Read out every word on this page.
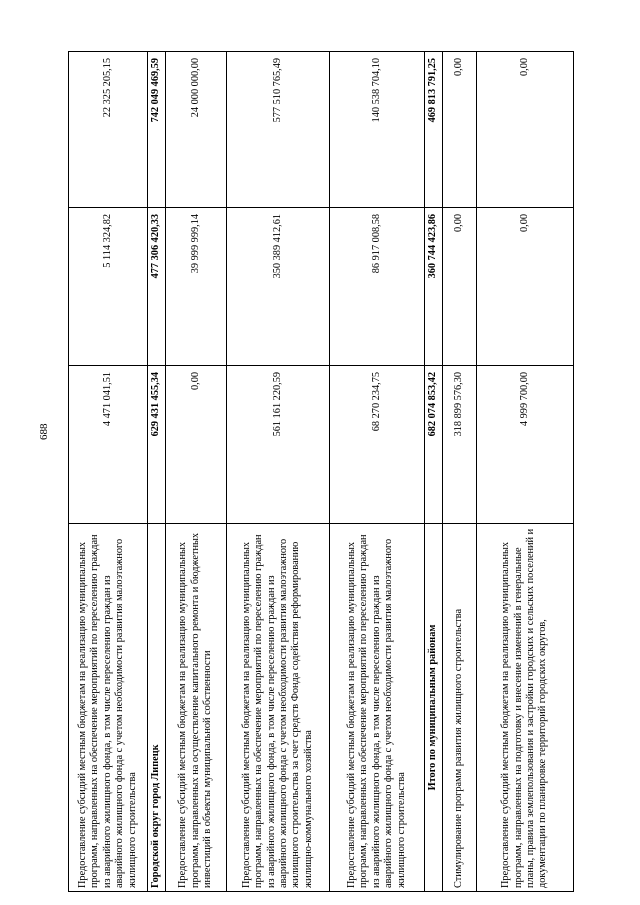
688
Предоставление субсидий местным бюджетам на реализацию муниципальных программ, направленных на обеспечение мероприятий по переселению граждан из аварийного жилищного фонда, в том числе переселению граждан из аварийного жилищного фонда с учетом необходимости развития малоэтажного жилищного строительства	4 471 041,51	5 114 324,82	22 325 205,15
Городской округ город Липецк	629 431 455,34	477 306 420,33	742 049 469,59
Предоставление субсидий местным бюджетам на реализацию муниципальных программ, направленных на осуществление капитального ремонта и бюджетных инвестиций в объекты муниципальной собственности	0,00	39 999 999,14	24 000 000,00
Предоставление субсидий местным бюджетам на реализацию муниципальных программ, направленных на обеспечение мероприятий по переселению граждан из аварийного жилищного фонда, в том числе переселению граждан из аварийного жилищного фонда с учетом необходимости развития малоэтажного жилищного строительства за счет средств Фонда содействия реформированию жилищно-коммунального хозяйства	561 161 220,59	350 389 412,61	577 510 765,49
Предоставление субсидий местным бюджетам на реализацию муниципальных программ, направленных на обеспечение мероприятий по переселению граждан из аварийного жилищного фонда, в том числе переселению граждан из аварийного жилищного фонда с учетом необходимости развития малоэтажного жилищного строительства	68 270 234,75	86 917 008,58	140 538 704,10
Итого по муниципальным районам	682 074 853,42	360 744 423,86	469 813 791,25
Стимулирование программ развития жилищного строительства	318 899 576,30	0,00	0,00
Предоставление субсидий местным бюджетам на реализацию муниципальных программ, направленных на подготовку и внесение изменений в генеральные планы, правила землепользования и застройки городских и сельских поселений и документации по планировке территорий городских округов,	4 999 700,00	0,00	0,00
